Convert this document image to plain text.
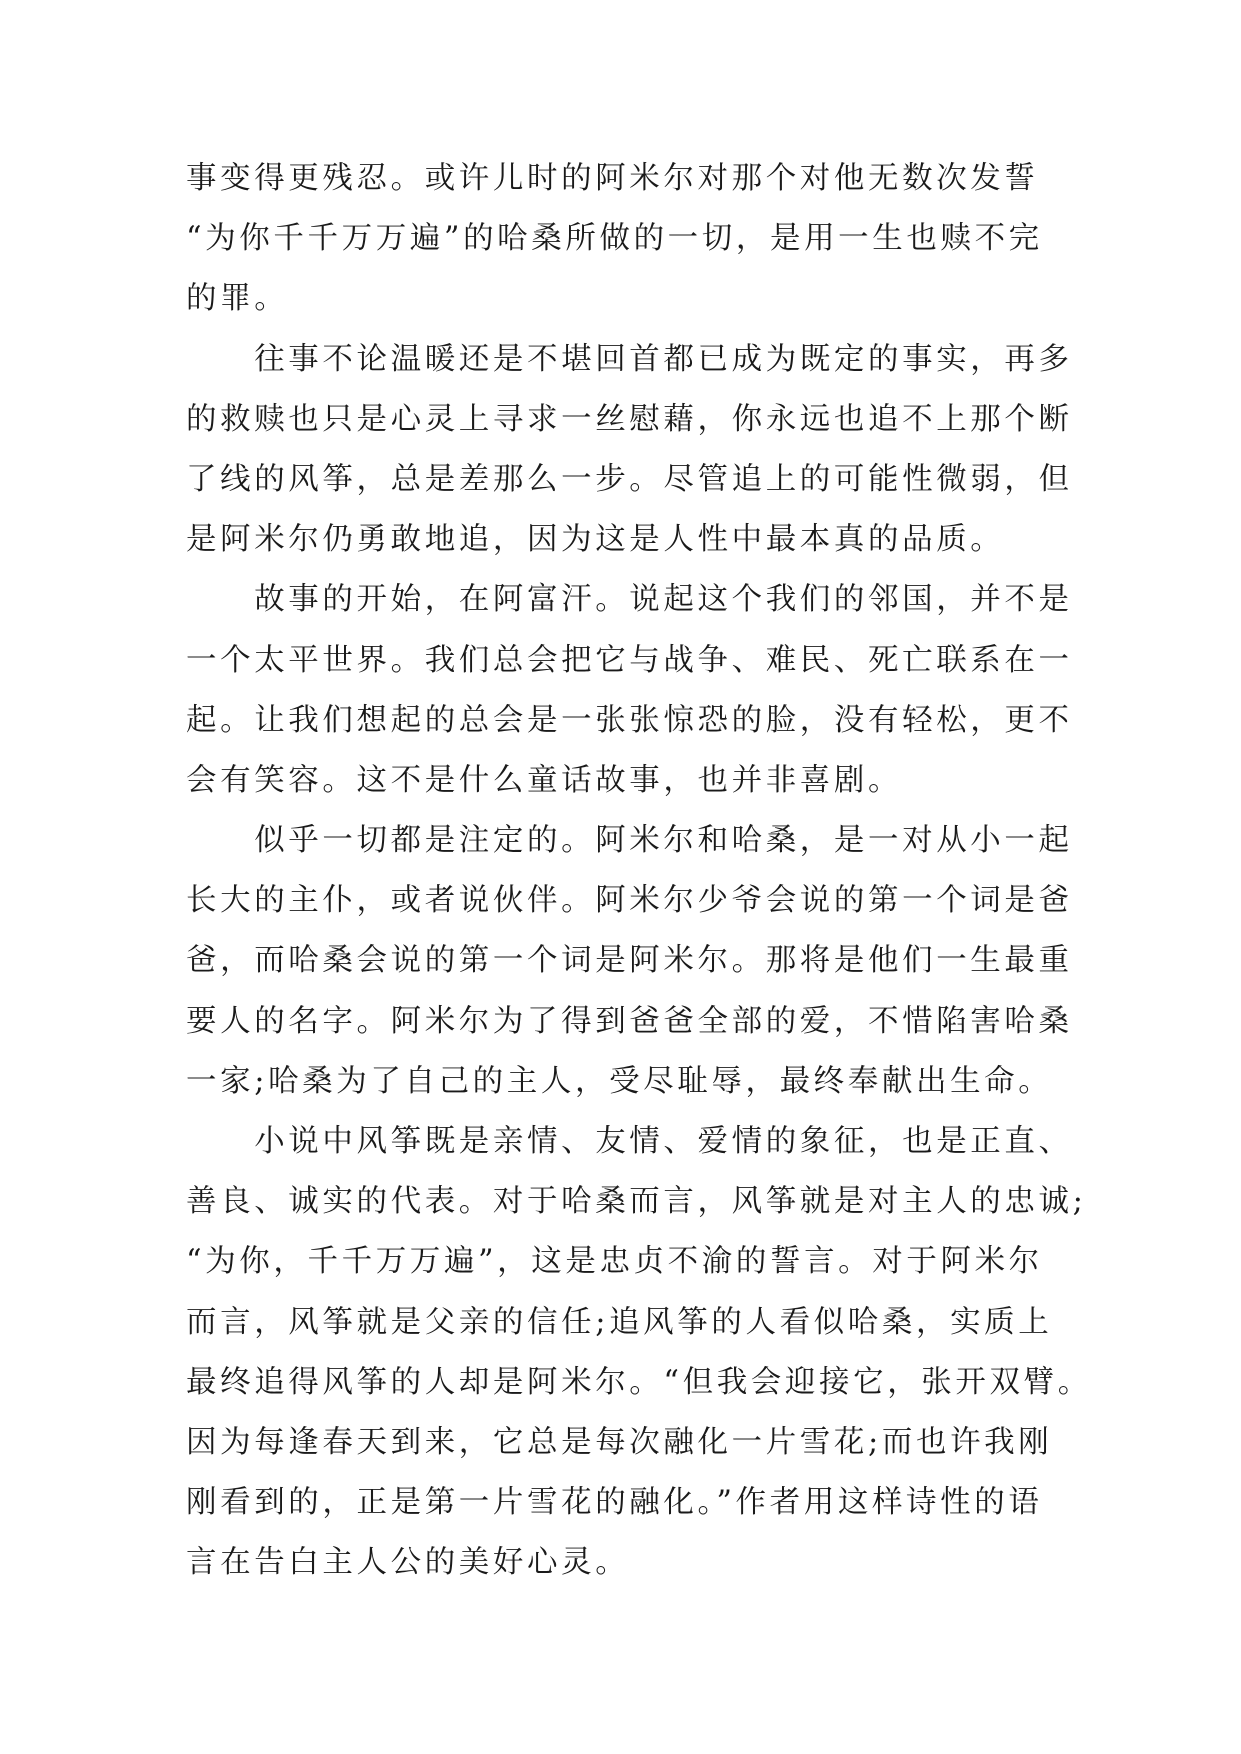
事变得更残忍。或许儿时的阿米尔对那个对他无数次发誓
“为你千千万万遍”的哈桑所做的一切，是用一生也赎不完
的罪。
　　往事不论温暖还是不堪回首都已成为既定的事实，再多
的救赎也只是心灵上寻求一丝慰藉，你永远也追不上那个断
了线的风筝，总是差那么一步。尽管追上的可能性微弱，但
是阿米尔仍勇敢地追，因为这是人性中最本真的品质。
　　故事的开始，在阿富汗。说起这个我们的邻国，并不是
一个太平世界。我们总会把它与战争、难民、死亡联系在一
起。让我们想起的总会是一张张惊恐的脸，没有轻松，更不
会有笑容。这不是什么童话故事，也并非喜剧。
　　似乎一切都是注定的。阿米尔和哈桑，是一对从小一起
长大的主仆，或者说伙伴。阿米尔少爷会说的第一个词是爸
爸，而哈桑会说的第一个词是阿米尔。那将是他们一生最重
要人的名字。阿米尔为了得到爸爸全部的爱，不惜陷害哈桑
一家;哈桑为了自己的主人，受尽耻辱，最终奉献出生命。
　　小说中风筝既是亲情、友情、爱情的象征，也是正直、
善良、诚实的代表。对于哈桑而言，风筝就是对主人的忠诚;
“为你，千千万万遍”，这是忠贞不渝的誓言。对于阿米尔
而言，风筝就是父亲的信任;追风筝的人看似哈桑，实质上
最终追得风筝的人却是阿米尔。“但我会迎接它，张开双臂。
因为每逢春天到来，它总是每次融化一片雪花;而也许我刚
刚看到的，正是第一片雪花的融化。”作者用这样诗性的语
言在告白主人公的美好心灵。
